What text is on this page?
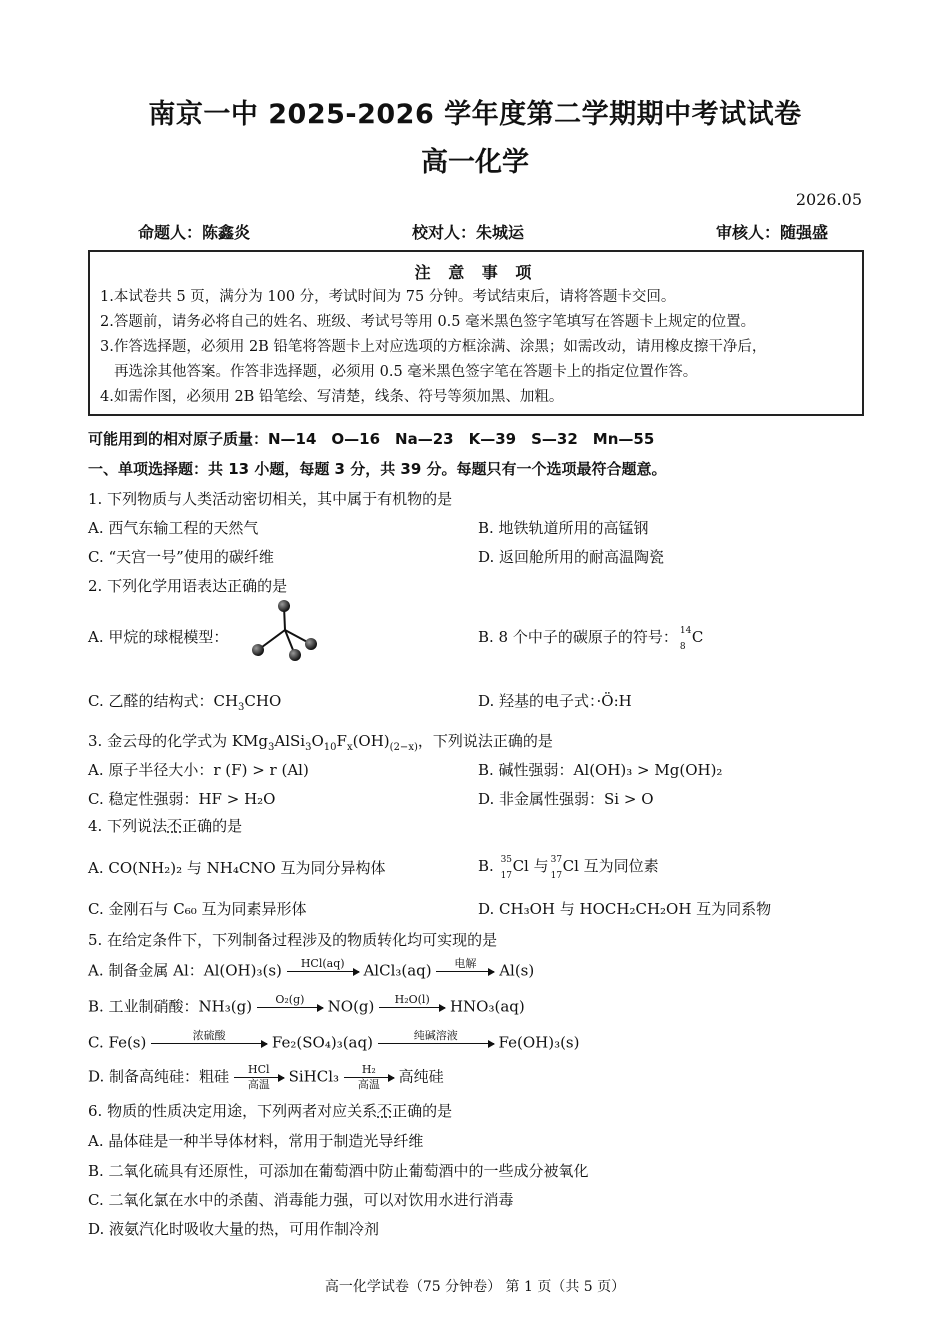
南京一中 2025-2026 学年度第二学期期中考试试卷
高一化学
2026.05
命题人：陈鑫炎	校对人：朱城运	审核人：随强盛
注 意 事 项
1.本试卷共 5 页，满分为 100 分，考试时间为 75 分钟。考试结束后，请将答题卡交回。
2.答题前，请务必将自己的姓名、班级、考试号等用 0.5 毫米黑色签字笔填写在答题卡上规定的位置。
3.作答选择题，必须用 2B 铅笔将答题卡上对应选项的方框涂满、涂黑；如需改动，请用橡皮擦干净后，
再选涂其他答案。作答非选择题，必须用 0.5 毫米黑色签字笔在答题卡上的指定位置作答。
4.如需作图，必须用 2B 铅笔绘、写清楚，线条、符号等须加黑、加粗。
可能用到的相对原子质量：N—14　O—16　Na—23　K—39　S—32　Mn—55
一、单项选择题：共 13 小题，每题 3 分，共 39 分。每题只有一个选项最符合题意。
1. 下列物质与人类活动密切相关，其中属于有机物的是
A. 西气东输工程的天然气	B. 地铁轨道所用的高锰钢
C. “天宫一号”使用的碳纤维	D. 返回舱所用的耐高温陶瓷
2. 下列化学用语表达正确的是
A. 甲烷的球棍模型：	B. 8 个中子的碳原子的符号： 14
8
C
C. 乙醛的结构式：$CH_3CHO$	D. 羟基的电子式：·Ö:H
3. 金云母的化学式为 $KMg_3AlSi_3O_{10}F_x(OH)_{(2-x)}$，下列说法正确的是
A. 原子半径大小：r (F) > r (Al)	B. 碱性强弱：Al(OH)₃ > Mg(OH)₂
C. 稳定性强弱：HF > H₂O	D. 非金属性强弱：Si > O
4. 下列说法不正确的是
A. CO(NH₂)₂ 与 NH₄CNO 互为同分异构体	B. 35
17
Cl 与 37
17
Cl 互为同位素
C. 金刚石与 C₆₀ 互为同素异形体	D. CH₃OH 与 HOCH₂CH₂OH 互为同系物
5. 在给定条件下，下列制备过程涉及的物质转化均可实现的是
A. 制备金属 Al：Al(OH)₃(s)	HCl(aq)
	AlCl₃(aq)	电解
	Al(s)
B. 工业制硝酸：NH₃(g)	O₂(g)
	NO(g)	H₂O(l)
	HNO₃(aq)
C. Fe(s)	浓硫酸
	Fe₂(SO₄)₃(aq)	纯碱溶液
	Fe(OH)₃(s)
D. 制备高纯硅：粗硅	HCl
高温	SiHCl₃	H₂
高温	高纯硅
6. 物质的性质决定用途，下列两者对应关系不正确的是
A. 晶体硅是一种半导体材料，常用于制造光导纤维
B. 二氧化硫具有还原性，可添加在葡萄酒中防止葡萄酒中的一些成分被氧化
C. 二氧化氯在水中的杀菌、消毒能力强，可以对饮用水进行消毒
D. 液氨汽化时吸收大量的热，可用作制冷剂
高一化学试卷（75 分钟卷） 第 1 页（共 5 页）
